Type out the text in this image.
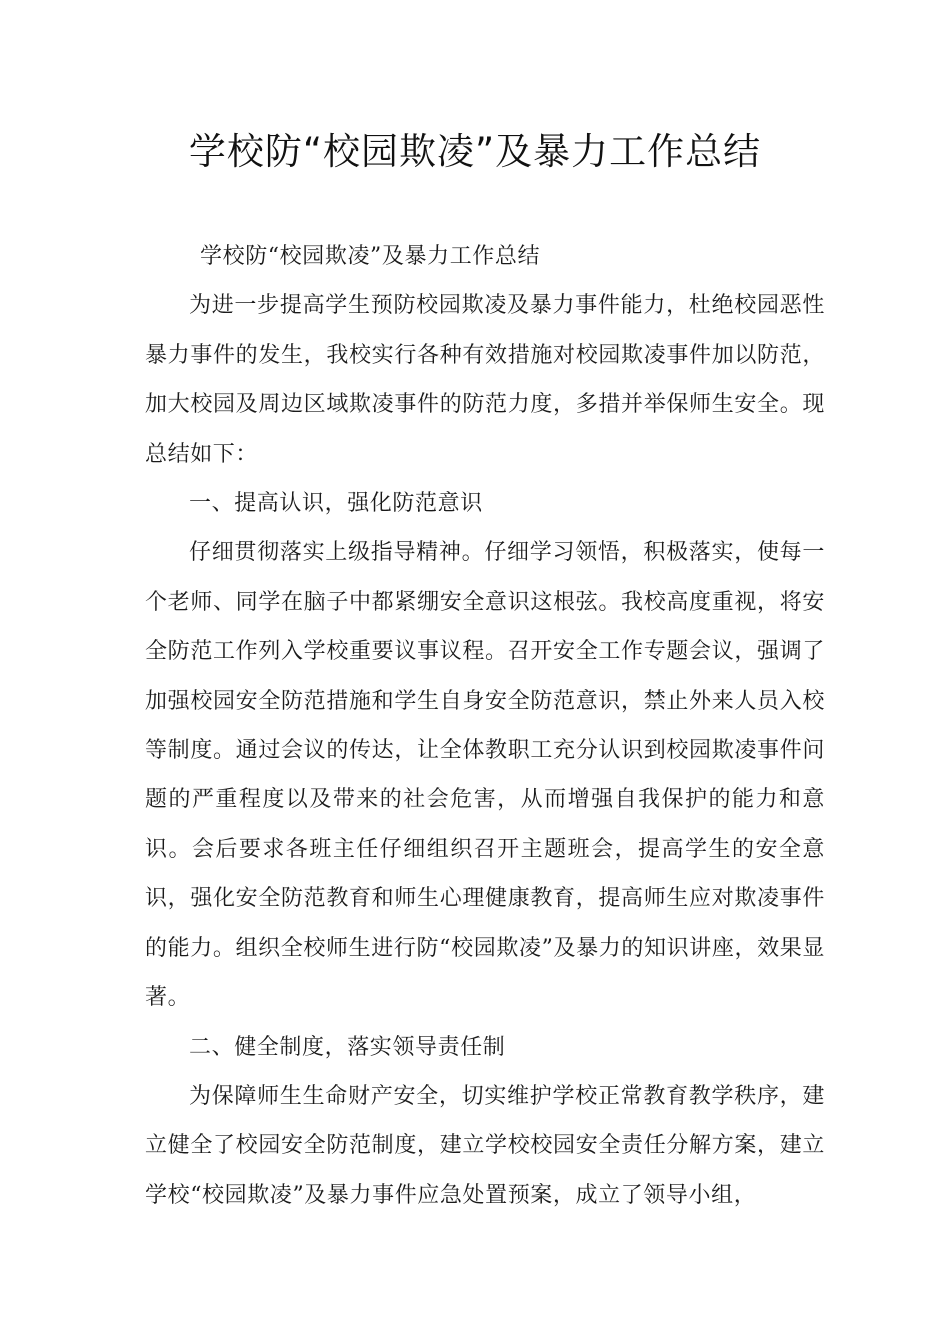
学校防“校园欺凌”及暴力工作总结

学校防“校园欺凌”及暴力工作总结

为进一步提高学生预防校园欺凌及暴力事件能力，杜绝校园恶性暴力事件的发生，我校实行各种有效措施对校园欺凌事件加以防范，加大校园及周边区域欺凌事件的防范力度，多措并举保师生安全。现总结如下：

一、提高认识，强化防范意识

仔细贯彻落实上级指导精神。仔细学习领悟，积极落实，使每一个老师、同学在脑子中都紧绷安全意识这根弦。我校高度重视，将安全防范工作列入学校重要议事议程。召开安全工作专题会议，强调了加强校园安全防范措施和学生自身安全防范意识，禁止外来人员入校等制度。通过会议的传达，让全体教职工充分认识到校园欺凌事件问题的严重程度以及带来的社会危害，从而增强自我保护的能力和意识。会后要求各班主任仔细组织召开主题班会，提高学生的安全意识，强化安全防范教育和师生心理健康教育，提高师生应对欺凌事件的能力。组织全校师生进行防“校园欺凌”及暴力的知识讲座，效果显著。

二、健全制度，落实领导责任制

为保障师生生命财产安全，切实维护学校正常教育教学秩序，建立健全了校园安全防范制度，建立学校校园安全责任分解方案，建立学校“校园欺凌”及暴力事件应急处置预案，成立了领导小组，
